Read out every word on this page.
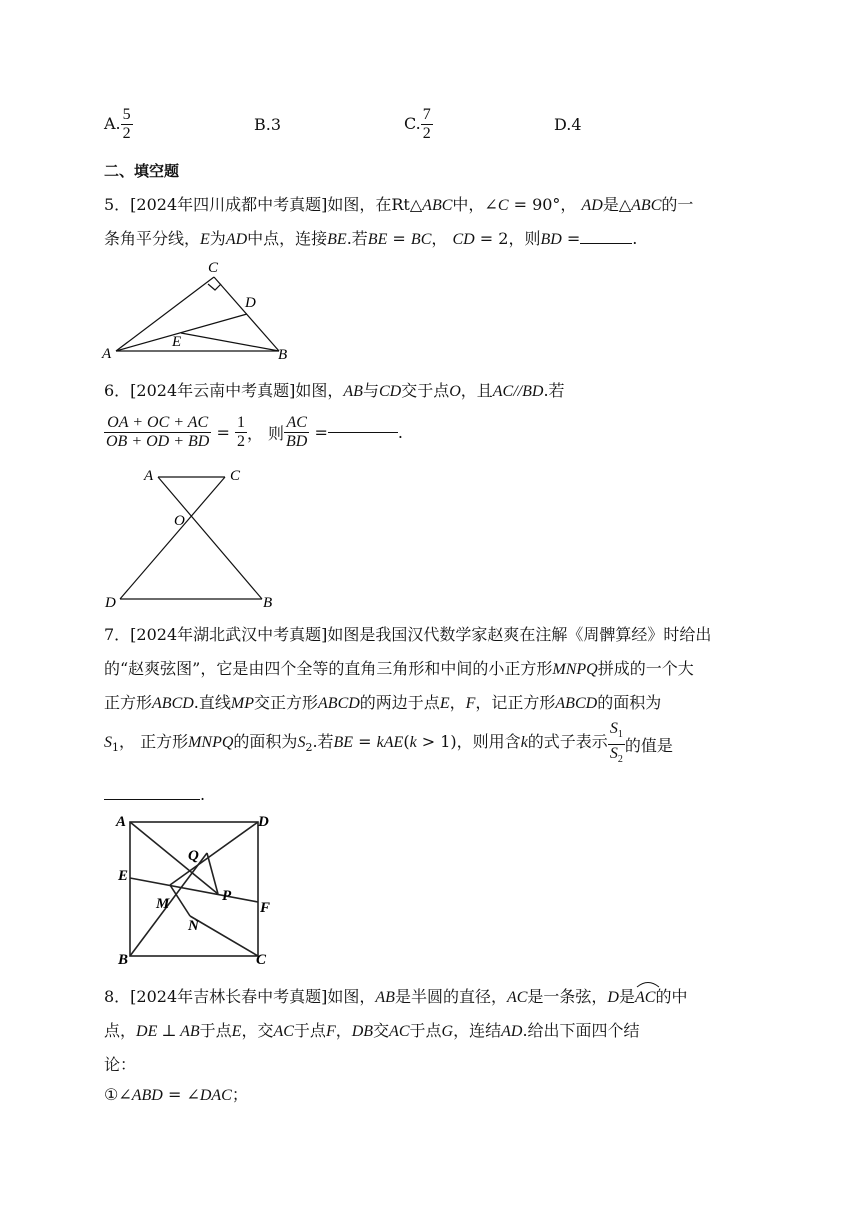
A. $\frac{5}{2}$	B.3	C. $\frac{7}{2}$	D.4
二、填空题
5．[2024年四川成都中考真题]如图，在Rt△ABC中，∠C = 90°， AD是△ABC的一
条角平分线，E为AD中点，连接BE.若BE = BC， CD = 2，则BD =	.
C
D
E
A	B
6．[2024年云南中考真题]如图，AB与CD交于点O，且AC//BD.若
$\frac{OA + OC + AC}{OB + OD + BD} = \frac{1}{2}$ ， 则 $\frac{AC}{BD}$ =	.
A	C
O
D	B
7．[2024年湖北武汉中考真题]如图是我国汉代数学家赵爽在注解《周髀算经》时给出
的“赵爽弦图”，它是由四个全等的直角三角形和中间的小正方形MNPQ拼成的一个大
正方形ABCD.直线MP交正方形ABCD的两边于点E，F，记正方形ABCD的面积为
$S_1$， 正方形MNPQ的面积为$S_2$.若BE = kAE(k > 1)，则用含k的式子表示 $\frac{S_1}{S_2}$ 的值是
.
A	D
Q
E
M	P
F
N
B	C
8．[2024年吉林长春中考真题]如图，AB是半圆的直径，AC是一条弦，D是
AC的中
点，DE ⊥ AB于点E，交AC于点F，DB交AC于点G，连结AD.给出下面四个结
论：
①∠ABD = ∠DAC；
